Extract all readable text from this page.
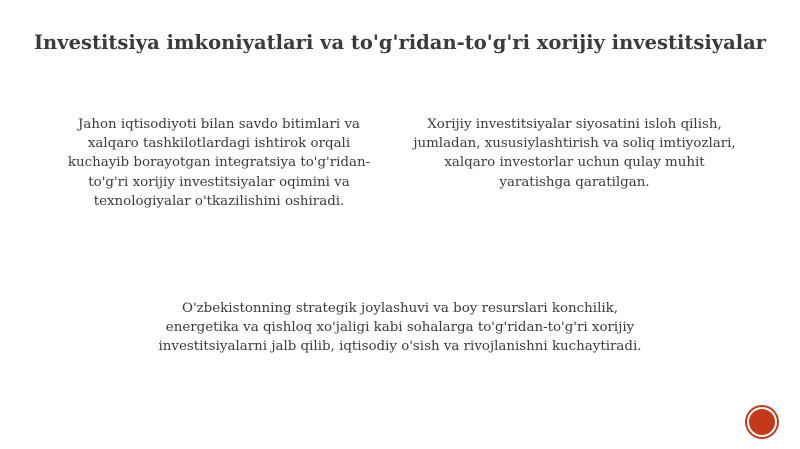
Investitsiya imkoniyatlari va to'g'ridan-to'g'ri xorijiy investitsiyalar
Jahon iqtisodiyoti bilan savdo bitimlari va
xalqaro tashkilotlardagi ishtirok orqali
kuchayib borayotgan integratsiya to'g'ridan-
to'g'ri xorijiy investitsiyalar oqimini va
texnologiyalar o'tkazilishini oshiradi.
Xorijiy investitsiyalar siyosatini isloh qilish,
jumladan, xususiylashtirish va soliq imtiyozlari,
xalqaro investorlar uchun qulay muhit
yaratishga qaratilgan.
O'zbekistonning strategik joylashuvi va boy resurslari konchilik,
energetika va qishloq xo'jaligi kabi sohalarga to'g'ridan-to'g'ri xorijiy
investitsiyalarni jalb qilib, iqtisodiy o'sish va rivojlanishni kuchaytiradi.
